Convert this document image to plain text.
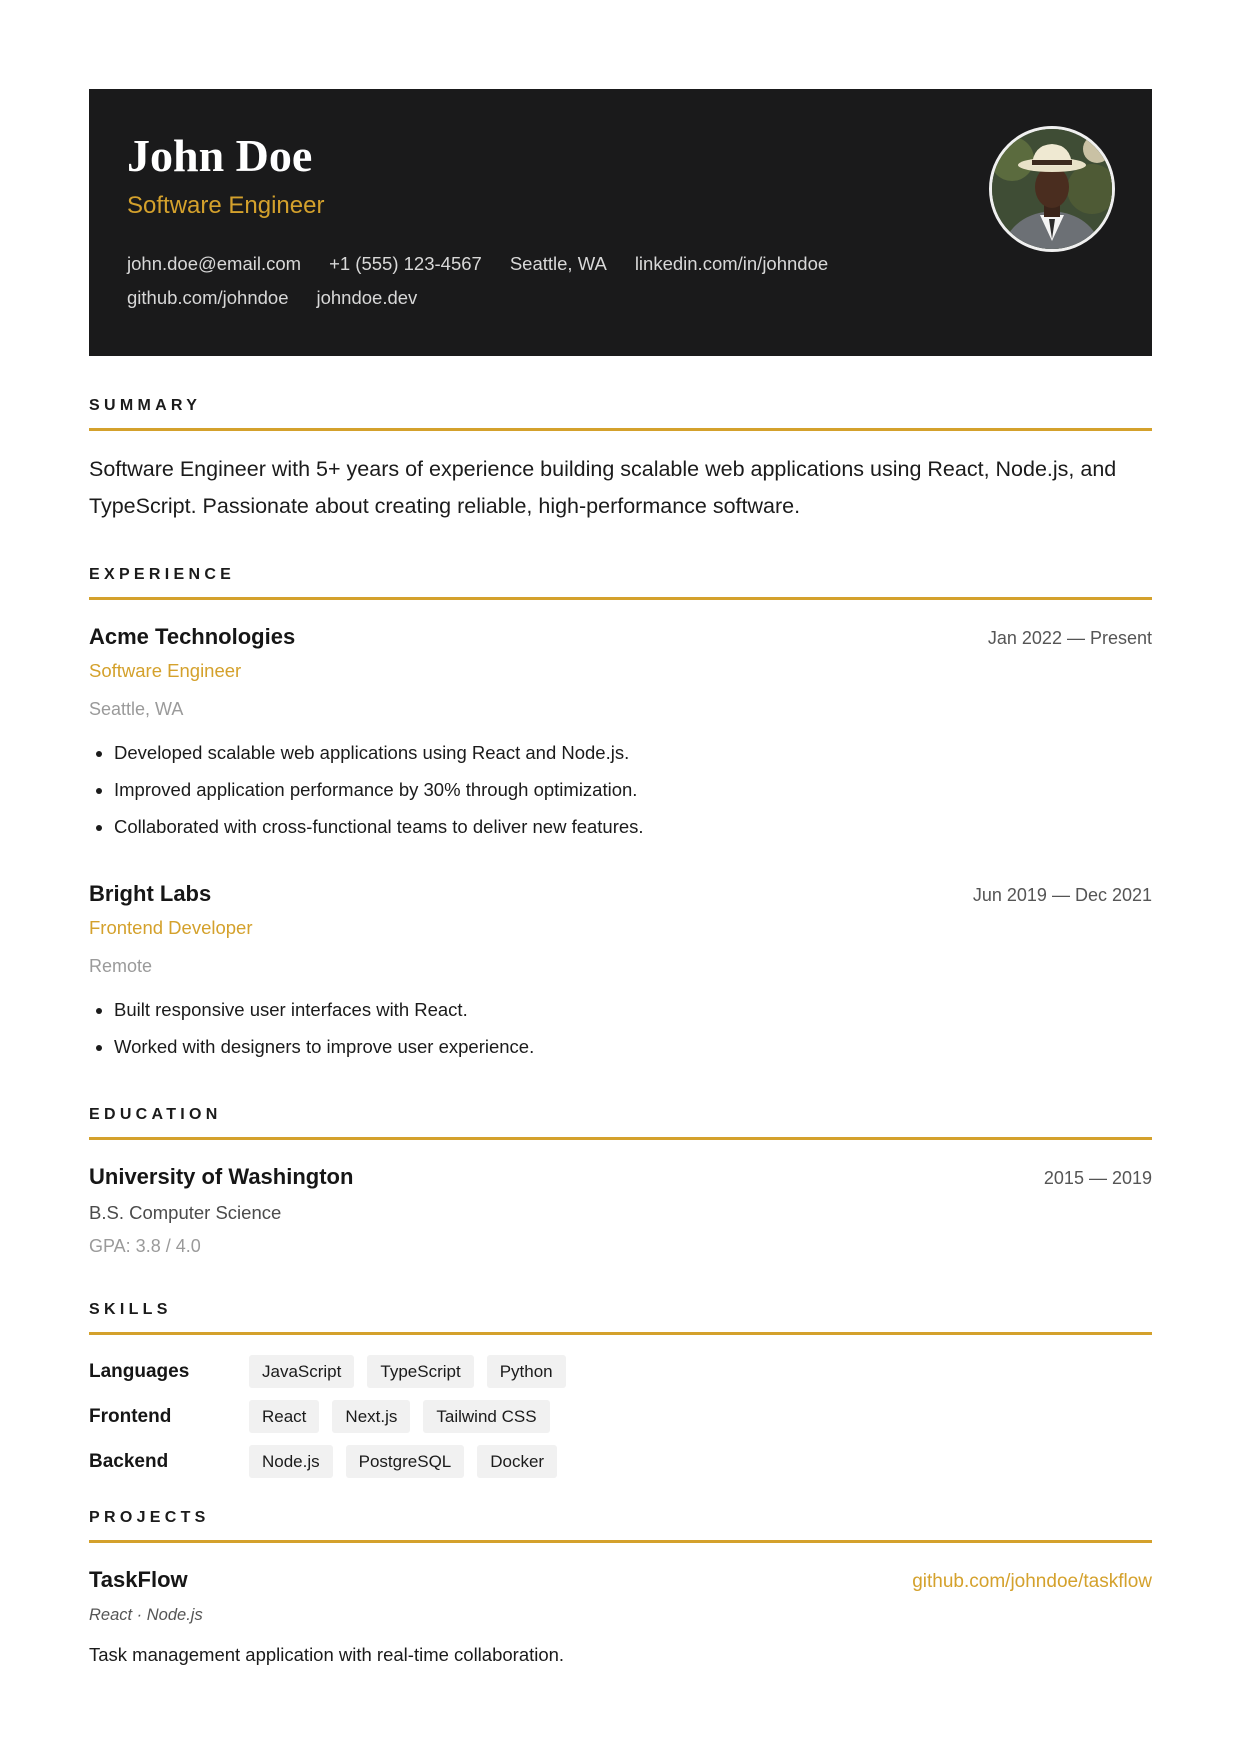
John Doe
Software Engineer
john.doe@email.com +1 (555) 123-4567 Seattle, WA linkedin.com/in/johndoegithub.com/johndoe johndoe.dev
SUMMARY
Software Engineer with 5+ years of experience building scalable web applications using React, Node.js, and TypeScript. Passionate about creating reliable, high-performance software.
EXPERIENCE
Acme Technologies	Jan 2022 — Present
Software Engineer
Seattle, WA
• Developed scalable web applications using React and Node.js.
• Improved application performance by 30% through optimization.
• Collaborated with cross-functional teams to deliver new features.
Bright Labs	Jun 2019 — Dec 2021
Frontend Developer
Remote
• Built responsive user interfaces with React.
• Worked with designers to improve user experience.
EDUCATION
University of Washington	2015 — 2019
B.S. Computer Science
GPA: 3.8 / 4.0
SKILLS
Languages	JavaScript	TypeScript	Python
Frontend	React	Next.js	Tailwind CSS
Backend	Node.js	PostgreSQL	Docker
PROJECTS
TaskFlow	github.com/johndoe/taskflow
React · Node.js
Task management application with real-time collaboration.
